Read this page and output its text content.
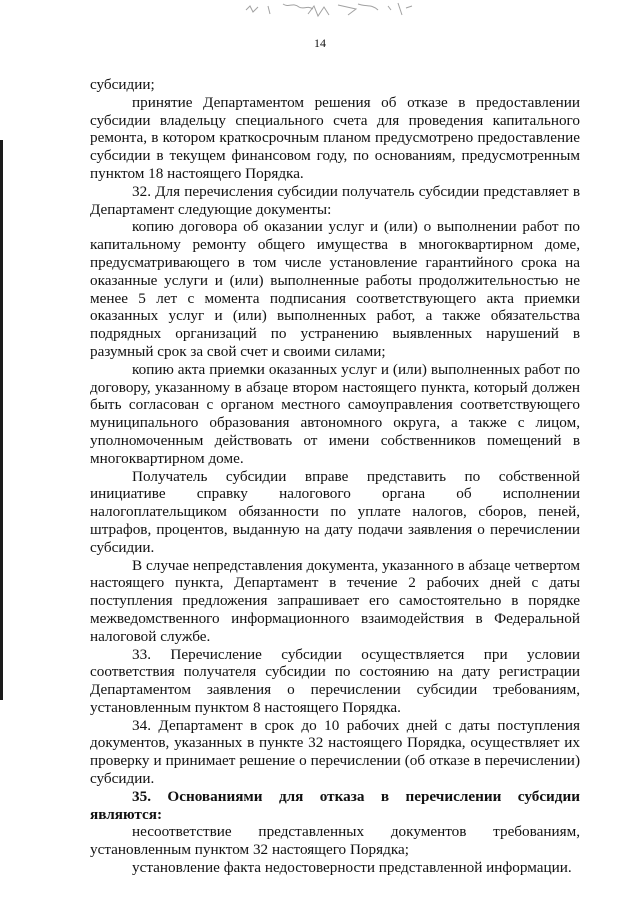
14

субсидии;

принятие Департаментом решения об отказе в предоставлении субсидии владельцу специального счета для проведения капитального ремонта, в котором краткосрочным планом предусмотрено предоставление субсидии в текущем финансовом году, по основаниям, предусмотренным пунктом 18 настоящего Порядка.

32. Для перечисления субсидии получатель субсидии представляет в Департамент следующие документы:

копию договора об оказании услуг и (или) о выполнении работ по капитальному ремонту общего имущества в многоквартирном доме, предусматривающего в том числе установление гарантийного срока на оказанные услуги и (или) выполненные работы продолжительностью не менее 5 лет с момента подписания соответствующего акта приемки оказанных услуг и (или) выполненных работ, а также обязательства подрядных организаций по устранению выявленных нарушений в разумный срок за свой счет и своими силами;

копию акта приемки оказанных услуг и (или) выполненных работ по договору, указанному в абзаце втором настоящего пункта, который должен быть согласован с органом местного самоуправления соответствующего муниципального образования автономного округа, а также с лицом, уполномоченным действовать от имени собственников помещений в многоквартирном доме.

Получатель субсидии вправе представить по собственной инициативе справку налогового органа об исполнении налогоплательщиком обязанности по уплате налогов, сборов, пеней, штрафов, процентов, выданную на дату подачи заявления о перечислении субсидии.

В случае непредставления документа, указанного в абзаце четвертом настоящего пункта, Департамент в течение 2 рабочих дней с даты поступления предложения запрашивает его самостоятельно в порядке межведомственного информационного взаимодействия в Федеральной налоговой службе.

33. Перечисление субсидии осуществляется при условии соответствия получателя субсидии по состоянию на дату регистрации Департаментом заявления о перечислении субсидии требованиям, установленным пунктом 8 настоящего Порядка.

34. Департамент в срок до 10 рабочих дней с даты поступления документов, указанных в пункте 32 настоящего Порядка, осуществляет их проверку и принимает решение о перечислении (об отказе в перечислении) субсидии.

35. Основаниями для отказа в перечислении субсидии являются:

несоответствие представленных документов требованиям, установленным пунктом 32 настоящего Порядка;

установление факта недостоверности представленной информации.
